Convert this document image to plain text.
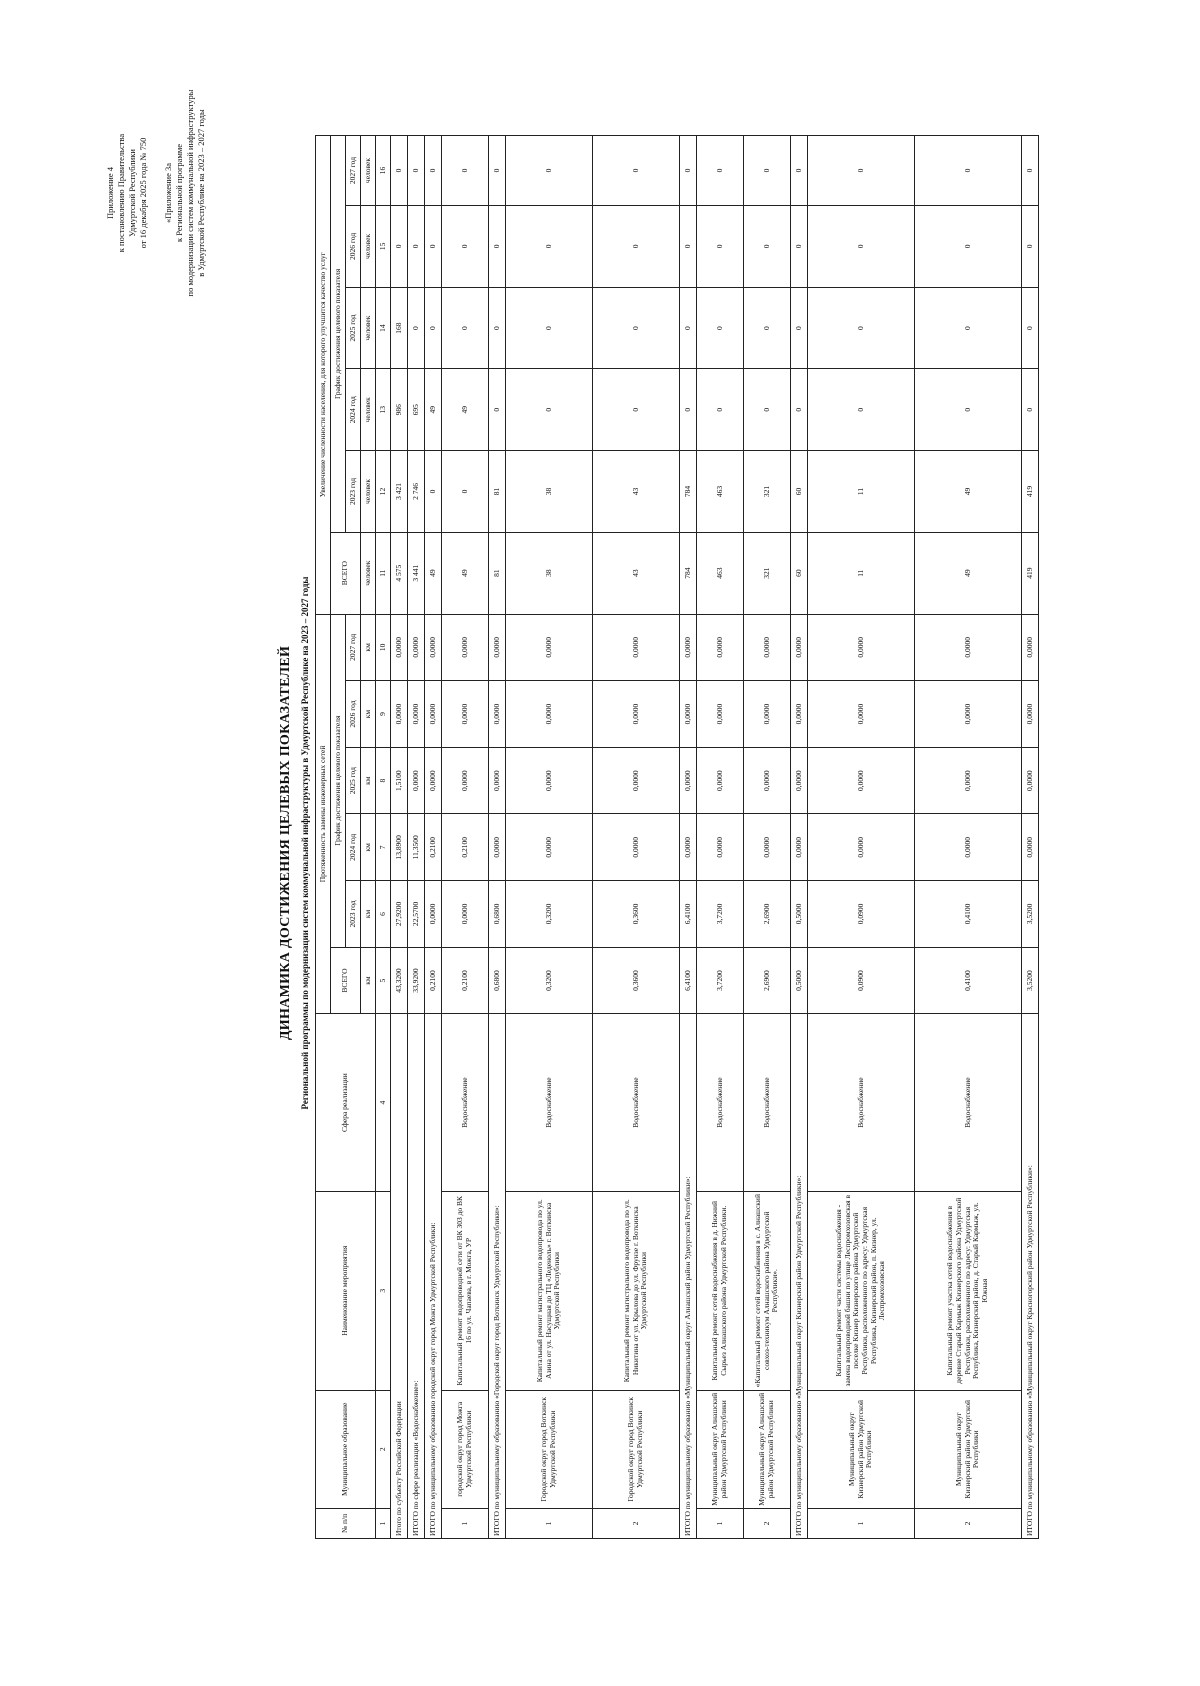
Приложение 4 к постановлению Правительства Удмуртской Республики от 16 декабря 2025 года № 750 «Приложение 3а к Региональной программе по модернизации систем коммунальной инфраструктуры в Удмуртской Республике на 2023 – 2027 годы
ДИНАМИКА ДОСТИЖЕНИЯ ЦЕЛЕВЫХ ПОКАЗАТЕЛЕЙ Региональной программы по модернизации систем коммунальной инфраструктуры в Удмуртской Республике на 2023 – 2027 годы
№ п/п	Муниципальное образование	Наименование мероприятия	Сфера реализации	Протяженность замены инженерных сетей						Увеличение численности населения, для которого улучшится качество услуг					
				ВСЕГО	График достижения целевого показателя					ВСЕГО	График достижения целевого показателя				
					2023 год	2024 год	2025 год	2026 год	2027 год		2023 год	2024 год	2025 год	2026 год	2027 год
				км	км	км	км	км	км	человек	человек	человек	человек	человек	человек
1	2	3	4	5	6	7	8	9	10	11	12	13	14	15	16
Итого по субъекту Российской Федерации				43,3200	27,9200	13,8900	1,5100	0,0000	0,0000	4 575	3 421	986	168	0	0
ИТОГО по сфере реализации «Водоснабжение»:				33,9200	22,5700	11,3500	0,0000	0,0000	0,0000	3 441	2 746	695	0	0	0
ИТОГО по муниципальному образованию городской округ город Можга Удмуртской Республики:				0,2100	0,0000	0,2100	0,0000	0,0000	0,0000	49	0	49	0	0	0
1	городской округ город Можга Удмуртской Республики	Капитальный ремонт водопроводной сети от ВК 303 до ВК 16 по ул. Чапаева, в г. Можга, УР	Водоснабжение	0,2100	0,0000	0,2100	0,0000	0,0000	0,0000	49	0	49	0	0	0
ИТОГО по муниципальному образованию «Городской округ город Воткинск Удмуртской Республики»:				0,6800	0,6800	0,0000	0,0000	0,0000	0,0000	81	81	0	0	0	0
1	Городской округ город Воткинск Удмуртской Республики	Капитальный ремонт магистрального водопровода по ул. Азина от ул. Насущная до ТЦ «Леденоль» г. Воткинска Удмуртской Республики	Водоснабжение	0,3200	0,3200	0,0000	0,0000	0,0000	0,0000	38	38	0	0	0	0
2	Городской округ город Воткинск Удмуртской Республики	Капитальный ремонт магистрального водопровода по ул. Никитина от ул. Крылова до ул. Фрунзе г. Воткинска Удмуртской Республики	Водоснабжение	0,3600	0,3600	0,0000	0,0000	0,0000	0,0000	43	43	0	0	0	0
ИТОГО по муниципальному образованию «Муниципальный округ Алнашский район Удмуртской Республики»:				6,4100	6,4100	0,0000	0,0000	0,0000	0,0000	784	784	0	0	0	0
1	Муниципальный округ Алнашский район Удмуртской Республики	Капитальный ремонт сетей водоснабжения в д. Нижний Сырьез Алнашского района Удмуртской Республики.	Водоснабжение	3,7200	3,7200	0,0000	0,0000	0,0000	0,0000	463	463	0	0	0	0
2	Муниципальный округ Алнашский район Удмуртской Республики	«Капитальный ремонт сетей водоснабжения в с. Алнашский совхоз-техникум Алнашского района Удмуртской Республики».	Водоснабжение	2,6900	2,6900	0,0000	0,0000	0,0000	0,0000	321	321	0	0	0	0
ИТОГО по муниципальному образованию «Муниципальный округ Кизнерский район Удмуртской Республики»:				0,5000	0,5000	0,0000	0,0000	0,0000	0,0000	60	60	0	0	0	0
1	Муниципальный округ Кизнерский район Удмуртской Республики	Капитальный ремонт части системы водоснабжения - замена водопроводной башни по улице Леспромхозовская в поселке Кизнер Кизнерского района Удмуртской Республики, расположенного по адресу: Удмуртская Республика, Кизнерский район, п. Кизнер, ул. Леспромхозовская	Водоснабжение	0,0900	0,0900	0,0000	0,0000	0,0000	0,0000	11	11	0	0	0	0
2	Муниципальный округ Кизнерский район Удмуртской Республики	Капитальный ремонт участка сетей водоснабжения в деревне Старый Кармыж Кизнерского района Удмуртской Республики, расположенного по адресу: Удмуртская Республика, Кизнерский район, д. Старый Кармыж, ул. Южная	Водоснабжение	0,4100	0,4100	0,0000	0,0000	0,0000	0,0000	49	49	0	0	0	0
ИТОГО по муниципальному образованию «Муниципальный округ Красногорский район Удмуртской Республики»:				3,5200	3,5200	0,0000	0,0000	0,0000	0,0000	419	419	0	0	0	0
